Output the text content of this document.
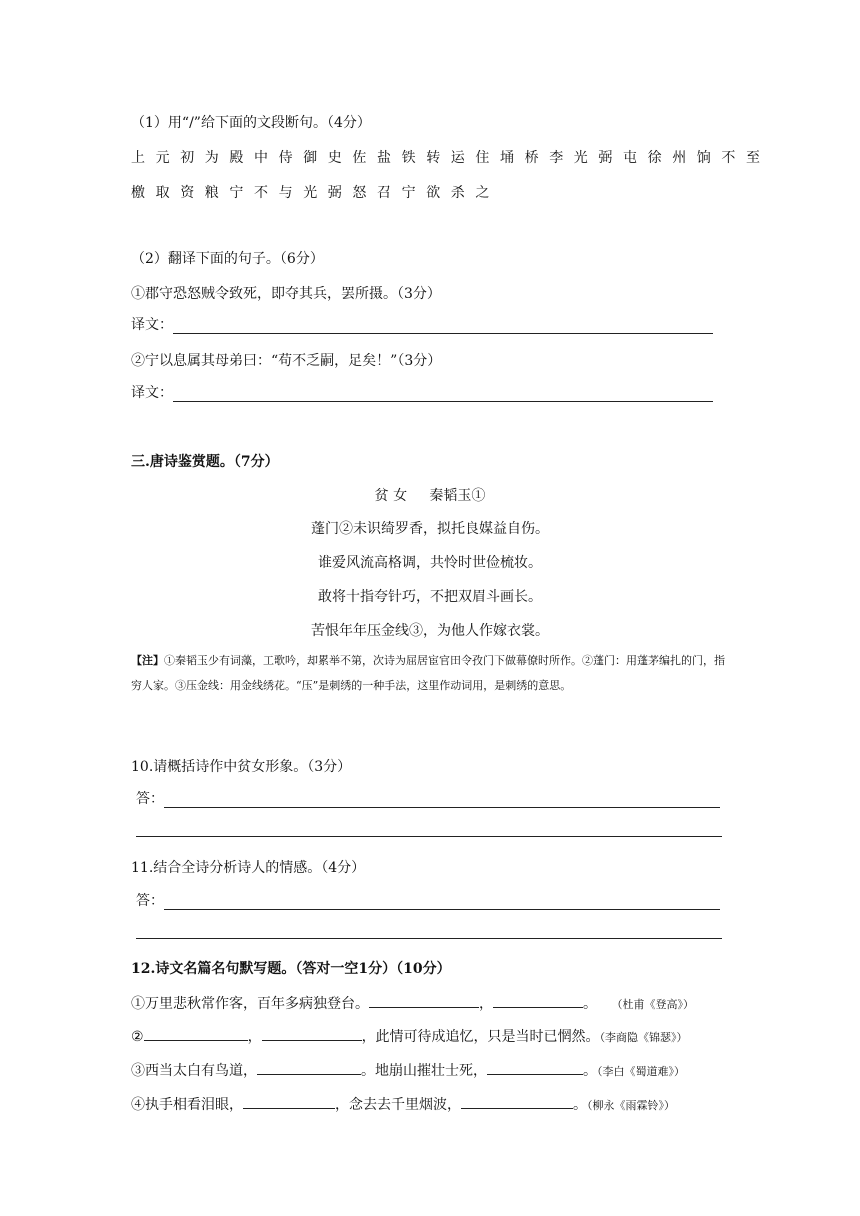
（1）用“/”给下面的文段断句。（4分）
上元初为殿中侍御史佐盐铁转运住埇桥李光弼屯徐州饷不至
檄取资粮宁不与光弼怒召宁欲杀之
（2）翻译下面的句子。（6分）
①郡守恐怒贼令致死，即夺其兵，罢所摄。（3分）
译文：
②宁以息属其母弟曰：“苟不乏嗣，足矣！”（3分）
译文：
三.唐诗鉴赏题。（7分）
贫 女     秦韬玉①
蓬门②未识绮罗香，拟托良媒益自伤。
谁爱风流高格调，共怜时世俭梳妆。
敢将十指夸针巧，不把双眉斗画长。
苦恨年年压金线③，为他人作嫁衣裳。
【注】①秦韬玉少有词藻，工歌吟，却累举不第，次诗为屈居宦官田令孜门下做幕僚时所作。②蓬门：用蓬茅编扎的门，指穷人家。③压金线：用金线绣花。“压”是刺绣的一种手法，这里作动词用，是刺绣的意思。
10.请概括诗作中贫女形象。（3分）
答：
11.结合全诗分析诗人的情感。（4分）
答：
12.诗文名篇名句默写题。（答对一空1分）（10分）
①万里悲秋常作客，百年多病独登台。	，	。 （杜甫《登高》）
②	，	，此情可待成追忆，只是当时已惘然。（李商隐《锦瑟》）
③西当太白有鸟道，	。地崩山摧壮士死，	。（李白《蜀道难》）
④执手相看泪眼，	，念去去千里烟波，	。（柳永《雨霖铃》）
